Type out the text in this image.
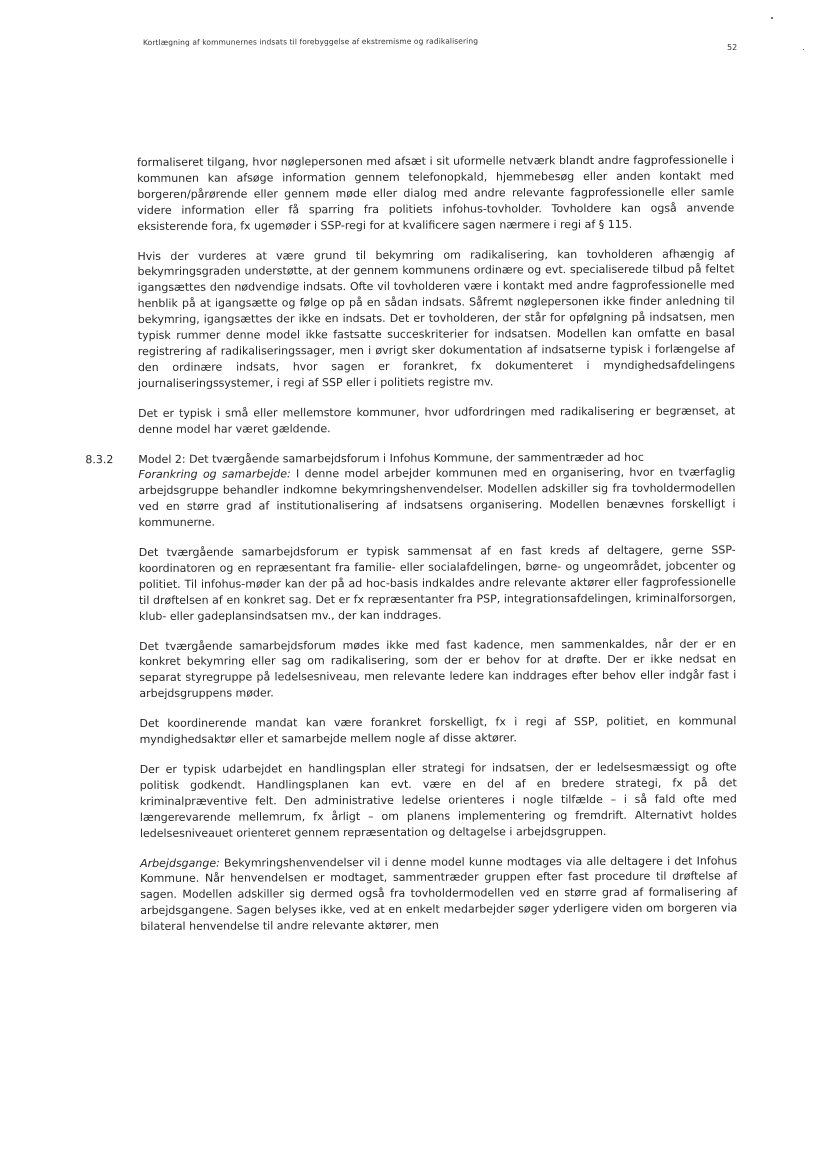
Kortlægning af kommunernes indsats til forebyggelse af ekstremisme og radikalisering
52

formaliseret tilgang, hvor nøglepersonen med afsæt i sit uformelle netværk blandt andre fagprofessionelle i kommunen kan afsøge information gennem telefonopkald, hjemmebesøg eller anden kontakt med borgeren/pårørende eller gennem møde eller dialog med andre relevante fagprofessionelle eller samle videre information eller få sparring fra politiets infohus-tovholder. Tovholdere kan også anvende eksisterende fora, fx ugemøder i SSP-regi for at kvalificere sagen nærmere i regi af § 115.

Hvis der vurderes at være grund til bekymring om radikalisering, kan tovholderen afhængig af bekymringsgraden understøtte, at der gennem kommunens ordinære og evt. specialiserede tilbud på feltet igangsættes den nødvendige indsats. Ofte vil tovholderen være i kontakt med andre fagprofessionelle med henblik på at igangsætte og følge op på en sådan indsats. Såfremt nøglepersonen ikke finder anledning til bekymring, igangsættes der ikke en indsats. Det er tovholderen, der står for opfølgning på indsatsen, men typisk rummer denne model ikke fastsatte succeskriterier for indsatsen. Modellen kan omfatte en basal registrering af radikaliseringssager, men i øvrigt sker dokumentation af indsatserne typisk i forlængelse af den ordinære indsats, hvor sagen er forankret, fx dokumenteret i myndighedsafdelingens journaliseringssystemer, i regi af SSP eller i politiets registre mv.

Det er typisk i små eller mellemstore kommuner, hvor udfordringen med radikalisering er begrænset, at denne model har været gældende.

8.3.2 Model 2: Det tværgående samarbejdsforum i Infohus Kommune, der sammentræder ad hoc
Forankring og samarbejde: I denne model arbejder kommunen med en organisering, hvor en tværfaglig arbejdsgruppe behandler indkomne bekymringshenvendelser. Modellen adskiller sig fra tovholdermodellen ved en større grad af institutionalisering af indsatsens organisering. Modellen benævnes forskelligt i kommunerne.

Det tværgående samarbejdsforum er typisk sammensat af en fast kreds af deltagere, gerne SSP-koordinatoren og en repræsentant fra familie- eller socialafdelingen, børne- og ungeområdet, jobcenter og politiet. Til infohus-møder kan der på ad hoc-basis indkaldes andre relevante aktører eller fagprofessionelle til drøftelsen af en konkret sag. Det er fx repræsentanter fra PSP, integrationsafdelingen, kriminalforsorgen, klub- eller gadeplansindsatsen mv., der kan inddrages.

Det tværgående samarbejdsforum mødes ikke med fast kadence, men sammenkaldes, når der er en konkret bekymring eller sag om radikalisering, som der er behov for at drøfte. Der er ikke nedsat en separat styregruppe på ledelsesniveau, men relevante ledere kan inddrages efter behov eller indgår fast i arbejdsgruppens møder.

Det koordinerende mandat kan være forankret forskelligt, fx i regi af SSP, politiet, en kommunal myndighedsaktør eller et samarbejde mellem nogle af disse aktører.

Der er typisk udarbejdet en handlingsplan eller strategi for indsatsen, der er ledelsesmæssigt og ofte politisk godkendt. Handlingsplanen kan evt. være en del af en bredere strategi, fx på det kriminalpræventive felt. Den administrative ledelse orienteres i nogle tilfælde – i så fald ofte med længerevarende mellemrum, fx årligt – om planens implementering og fremdrift. Alternativt holdes ledelsesniveauet orienteret gennem repræsentation og deltagelse i arbejdsgruppen.

Arbejdsgange: Bekymringshenvendelser vil i denne model kunne modtages via alle deltagere i det Infohus Kommune. Når henvendelsen er modtaget, sammentræder gruppen efter fast procedure til drøftelse af sagen. Modellen adskiller sig dermed også fra tovholdermodellen ved en større grad af formalisering af arbejdsgangene. Sagen belyses ikke, ved at en enkelt medarbejder søger yderligere viden om borgeren via bilateral henvendelse til andre relevante aktører, men
